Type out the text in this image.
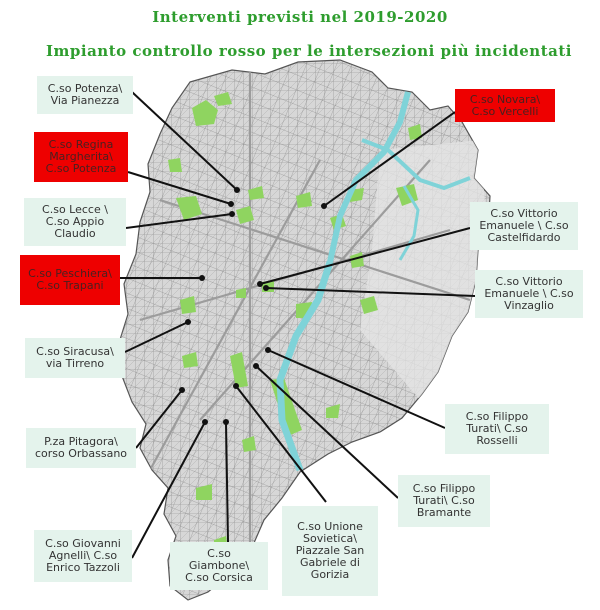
Interventi previsti nel 2019-2020
Impianto controllo rosso per le intersezioni più incidentati
C.so Potenza\
Via Pianezza	C.so Novara\
C.so Vercelli
C.so Regina
Margherita\
C.so Potenza
C.so Lecce \
C.so Appio
Claudio
C.so Vittorio
Emanuele \ C.so
Castelfidardo
C.so Peschiera\
C.so Trapani	C.so Vittorio
Emanuele \ C.so
Vinzaglio
C.so Siracusa\
via Tirreno
C.so Filippo
Turati\ C.so
Rosselli
P.za Pitagora\
corso Orbassano
C.so Filippo
Turati\ C.so
Bramante
C.so Giovanni
Agnelli\ C.so
Enrico Tazzoli
C.so
Giambone\
C.so Corsica
C.so Unione
Sovietica\
Piazzale San
Gabriele di
Gorizia
